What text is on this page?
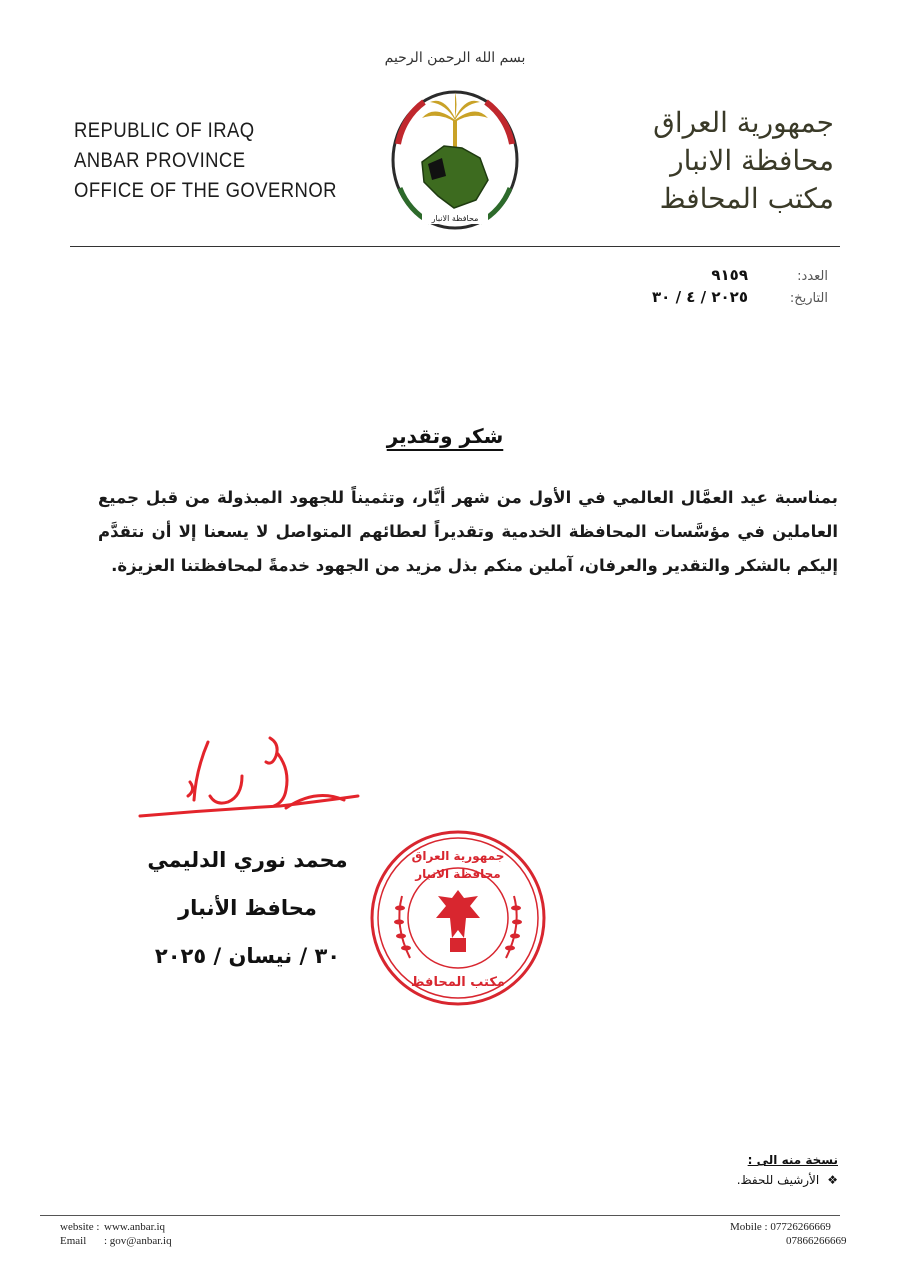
بسم الله الرحمن الرحيم
REPUBLIC OF IRAQ
ANBAR PROVINCE
OFFICE OF THE GOVERNOR
محافظة الانبار
جمهورية العراق
محافظة الانبار
مكتب المحافظ
العدد:
٩١٥٩
التاريخ:
٢٠٢٥ / ٤ / ٣٠
شكر وتقدير
بمناسبة عيد العمَّال العالمي في الأول من شهر أيَّار، وتثميناً للجهود المبذولة من قبل جميع العاملين في مؤسَّسات المحافظة الخدمية وتقديراً لعطائهم المتواصل لا يسعنا إلا أن نتقدَّم إليكم بالشكر والتقدير والعرفان، آملين منكم بذل مزيد من الجهود خدمةً لمحافظتنا العزيزة.
محمد نوري الدليمي
محافظ الأنبار
٣٠ / نيسان / ٢٠٢٥
جمهورية العراق
محافظة الانبار
مكتب المحافظ
نسخة منه الى :
❖
الأرشيف للحفظ.
website : www.anbar.iq
Email	: gov@anbar.iq
Mobile : 07726266669
07866266669
